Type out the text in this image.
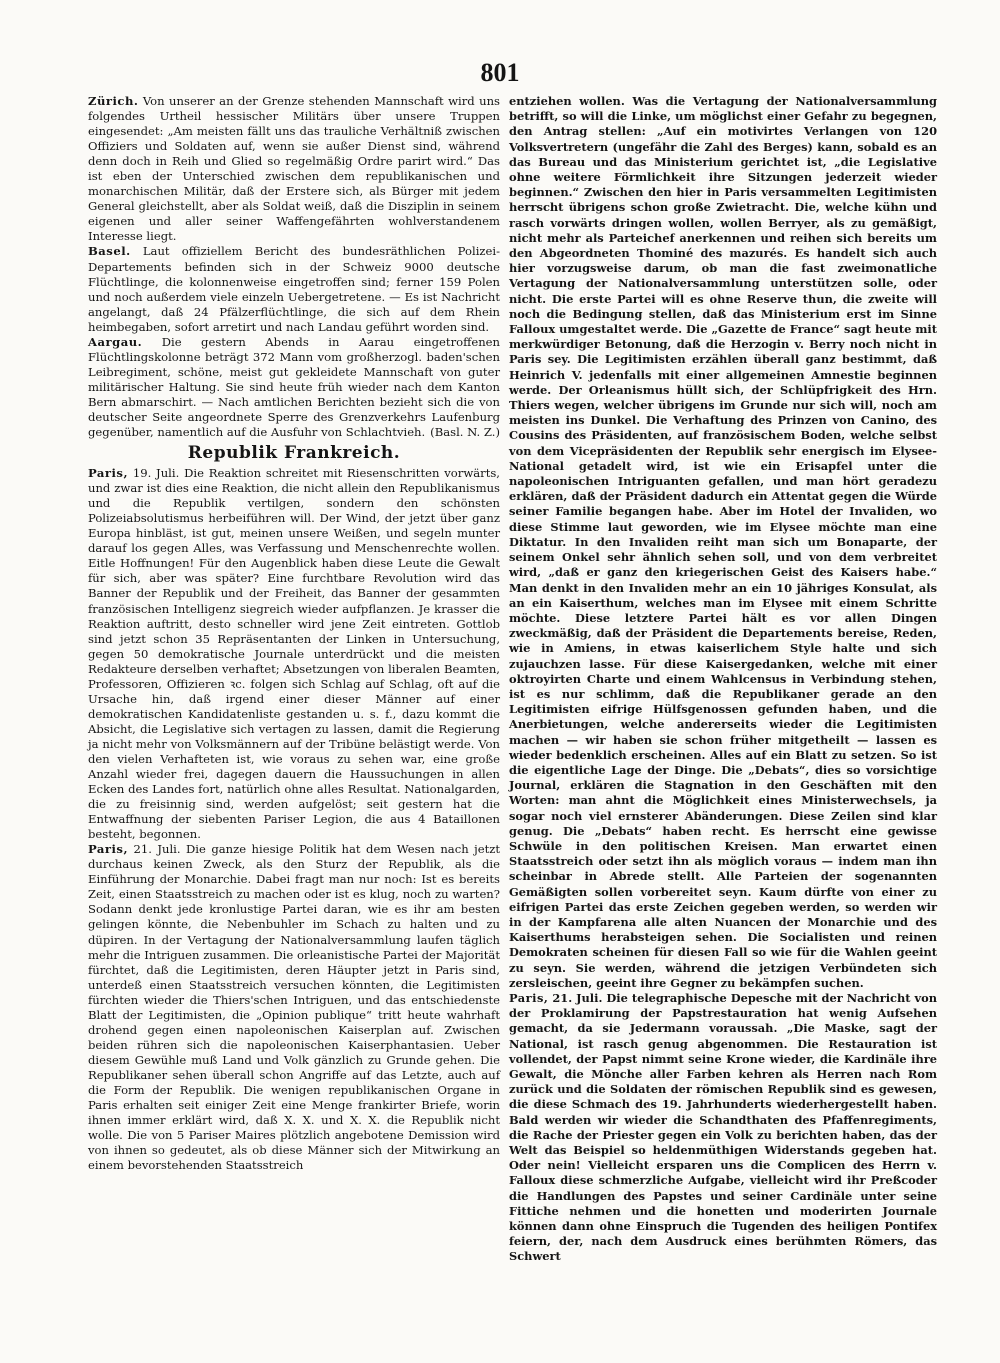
801

Zürich. Von unserer an der Grenze stehenden Mannschaft wird uns folgendes Urtheil hessischer Militärs über unsere Truppen eingesendet: „Am meisten fällt uns das trauliche Verhältniß zwischen Offiziers und Soldaten auf, wenn sie außer Dienst sind, während denn doch in Reih und Glied so regelmäßig Ordre parirt wird.“ Das ist eben der Unterschied zwischen dem republikanischen und monarchischen Militär, daß der Erstere sich, als Bürger mit jedem General gleichstellt, aber als Soldat weiß, daß die Disziplin in seinem eigenen und aller seiner Waffengefährten wohlverstandenem Interesse liegt.

Basel. Laut offiziellem Bericht des bundesräthlichen Polizei-Departements befinden sich in der Schweiz 9000 deutsche Flüchtlinge, die kolonnenweise eingetroffen sind; ferner 159 Polen und noch außerdem viele einzeln Uebergetretene. — Es ist Nachricht angelangt, daß 24 Pfälzerflüchtlinge, die sich auf dem Rhein heimbegaben, sofort arretirt und nach Landau geführt worden sind.

Aargau. Die gestern Abends in Aarau eingetroffenen Flüchtlingskolonne beträgt 372 Mann vom großherzogl. baden'schen Leibregiment, schöne, meist gut gekleidete Mannschaft von guter militärischer Haltung. Sie sind heute früh wieder nach dem Kanton Bern abmarschirt. — Nach amtlichen Berichten bezieht sich die von deutscher Seite angeordnete Sperre des Grenzverkehrs Laufenburg gegenüber, namentlich auf die Ausfuhr von Schlachtvieh. (Basl. N. Z.)

Republik Frankreich.

Paris, 19. Juli. Die Reaktion schreitet mit Riesenschritten vorwärts, und zwar ist dies eine Reaktion, die nicht allein den Republikanismus und die Republik vertilgen, sondern den schönsten Polizeiabsolutismus herbeiführen will. Der Wind, der jetzt über ganz Europa hinbläst, ist gut, meinen unsere Weißen, und segeln munter darauf los gegen Alles, was Verfassung und Menschenrechte wollen. Eitle Hoffnungen! Für den Augenblick haben diese Leute die Gewalt für sich, aber was später? Eine furchtbare Revolution wird das Banner der Republik und der Freiheit, das Banner der gesammten französischen Intelligenz siegreich wieder aufpflanzen. Je krasser die Reaktion auftritt, desto schneller wird jene Zeit eintreten. Gottlob sind jetzt schon 35 Repräsentanten der Linken in Untersuchung, gegen 50 demokratische Journale unterdrückt und die meisten Redakteure derselben verhaftet; Absetzungen von liberalen Beamten, Professoren, Offizieren ꝛc. folgen sich Schlag auf Schlag, oft auf die Ursache hin, daß irgend einer dieser Männer auf einer demokratischen Kandidatenliste gestanden u. s. f., dazu kommt die Absicht, die Legislative sich vertagen zu lassen, damit die Regierung ja nicht mehr von Volksmännern auf der Tribüne belästigt werde. Von den vielen Verhafteten ist, wie voraus zu sehen war, eine große Anzahl wieder frei, dagegen dauern die Haussuchungen in allen Ecken des Landes fort, natürlich ohne alles Resultat. Nationalgarden, die zu freisinnig sind, werden aufgelöst; seit gestern hat die Entwaffnung der siebenten Pariser Legion, die aus 4 Bataillonen besteht, begonnen.

Paris, 21. Juli. Die ganze hiesige Politik hat dem Wesen nach jetzt durchaus keinen Zweck, als den Sturz der Republik, als die Einführung der Monarchie. Dabei fragt man nur noch: Ist es bereits Zeit, einen Staatsstreich zu machen oder ist es klug, noch zu warten? Sodann denkt jede kronlustige Partei daran, wie es ihr am besten gelingen könnte, die Nebenbuhler im Schach zu halten und zu düpiren. In der Vertagung der Nationalversammlung laufen täglich mehr die Intriguen zusammen. Die orleanistische Partei der Majorität fürchtet, daß die Legitimisten, deren Häupter jetzt in Paris sind, unterdeß einen Staatsstreich versuchen könnten, die Legitimisten fürchten wieder die Thiers'schen Intriguen, und das entschiedenste Blatt der Legitimisten, die „Opinion publique“ tritt heute wahrhaft drohend gegen einen napoleonischen Kaiserplan auf. Zwischen beiden rühren sich die napoleonischen Kaiserphantasien. Ueber diesem Gewühle muß Land und Volk gänzlich zu Grunde gehen. Die Republikaner sehen überall schon Angriffe auf das Letzte, auch auf die Form der Republik. Die wenigen republikanischen Organe in Paris erhalten seit einiger Zeit eine Menge frankirter Briefe, worin ihnen immer erklärt wird, daß X. X. und X. X. die Republik nicht wolle. Die von 5 Pariser Maires plötzlich angebotene Demission wird von ihnen so gedeutet, als ob diese Männer sich der Mitwirkung an einem bevorstehenden Staatsstreich

entziehen wollen. Was die Vertagung der Nationalversammlung betrifft, so will die Linke, um möglichst einer Gefahr zu begegnen, den Antrag stellen: „Auf ein motivirtes Verlangen von 120 Volksvertretern (ungefähr die Zahl des Berges) kann, sobald es an das Bureau und das Ministerium gerichtet ist, „die Legislative ohne weitere Förmlichkeit ihre Sitzungen jederzeit wieder beginnen.“ Zwischen den hier in Paris versammelten Legitimisten herrscht übrigens schon große Zwietracht. Die, welche kühn und rasch vorwärts dringen wollen, wollen Berryer, als zu gemäßigt, nicht mehr als Parteichef anerkennen und reihen sich bereits um den Abgeordneten Thominé des mazurés. Es handelt sich auch hier vorzugsweise darum, ob man die fast zweimonatliche Vertagung der Nationalversammlung unterstützen solle, oder nicht. Die erste Partei will es ohne Reserve thun, die zweite will noch die Bedingung stellen, daß das Ministerium erst im Sinne Falloux umgestaltet werde. Die „Gazette de France“ sagt heute mit merkwürdiger Betonung, daß die Herzogin v. Berry noch nicht in Paris sey. Die Legitimisten erzählen überall ganz bestimmt, daß Heinrich V. jedenfalls mit einer allgemeinen Amnestie beginnen werde. Der Orleanismus hüllt sich, der Schlüpfrigkeit des Hrn. Thiers wegen, welcher übrigens im Grunde nur sich will, noch am meisten ins Dunkel. Die Verhaftung des Prinzen von Canino, des Cousins des Präsidenten, auf französischem Boden, welche selbst von dem Vicepräsidenten der Republik sehr energisch im Elysee-National getadelt wird, ist wie ein Erisapfel unter die napoleonischen Intriguanten gefallen, und man hört geradezu erklären, daß der Präsident dadurch ein Attentat gegen die Würde seiner Familie begangen habe. Aber im Hotel der Invaliden, wo diese Stimme laut geworden, wie im Elysee möchte man eine Diktatur. In den Invaliden reiht man sich um Bonaparte, der seinem Onkel sehr ähnlich sehen soll, und von dem verbreitet wird, „daß er ganz den kriegerischen Geist des Kaisers habe.“ Man denkt in den Invaliden mehr an ein 10 jähriges Konsulat, als an ein Kaiserthum, welches man im Elysee mit einem Schritte möchte. Diese letztere Partei hält es vor allen Dingen zweckmäßig, daß der Präsident die Departements bereise, Reden, wie in Amiens, in etwas kaiserlichem Style halte und sich zujauchzen lasse. Für diese Kaisergedanken, welche mit einer oktroyirten Charte und einem Wahlcensus in Verbindung stehen, ist es nur schlimm, daß die Republikaner gerade an den Legitimisten eifrige Hülfsgenossen gefunden haben, und die Anerbietungen, welche andererseits wieder die Legitimisten machen — wir haben sie schon früher mitgetheilt — lassen es wieder bedenklich erscheinen. Alles auf ein Blatt zu setzen. So ist die eigentliche Lage der Dinge. Die „Debats“, dies so vorsichtige Journal, erklären die Stagnation in den Geschäften mit den Worten: man ahnt die Möglichkeit eines Ministerwechsels, ja sogar noch viel ernsterer Abänderungen. Diese Zeilen sind klar genug. Die „Debats“ haben recht. Es herrscht eine gewisse Schwüle in den politischen Kreisen. Man erwartet einen Staatsstreich oder setzt ihn als möglich voraus — indem man ihn scheinbar in Abrede stellt. Alle Parteien der sogenannten Gemäßigten sollen vorbereitet seyn. Kaum dürfte von einer zu eifrigen Partei das erste Zeichen gegeben werden, so werden wir in der Kampfarena alle alten Nuancen der Monarchie und des Kaiserthums herabsteigen sehen. Die Socialisten und reinen Demokraten scheinen für diesen Fall so wie für die Wahlen geeint zu seyn. Sie werden, während die jetzigen Verbündeten sich zersleischen, geeint ihre Gegner zu bekämpfen suchen.

Paris, 21. Juli. Die telegraphische Depesche mit der Nachricht von der Proklamirung der Papstrestauration hat wenig Aufsehen gemacht, da sie Jedermann voraussah. „Die Maske, sagt der National, ist rasch genug abgenommen. Die Restauration ist vollendet, der Papst nimmt seine Krone wieder, die Kardinäle ihre Gewalt, die Mönche aller Farben kehren als Herren nach Rom zurück und die Soldaten der römischen Republik sind es gewesen, die diese Schmach des 19. Jahrhunderts wiederhergestellt haben. Bald werden wir wieder die Schandthaten des Pfaffenregiments, die Rache der Priester gegen ein Volk zu berichten haben, das der Welt das Beispiel so heldenmüthigen Widerstands gegeben hat. Oder nein! Vielleicht ersparen uns die Complicen des Herrn v. Falloux diese schmerzliche Aufgabe, vielleicht wird ihr Preßcoder die Handlungen des Papstes und seiner Cardinäle unter seine Fittiche nehmen und die honetten und moderirten Journale können dann ohne Einspruch die Tugenden des heiligen Pontifex feiern, der, nach dem Ausdruck eines berühmten Römers, das Schwert
